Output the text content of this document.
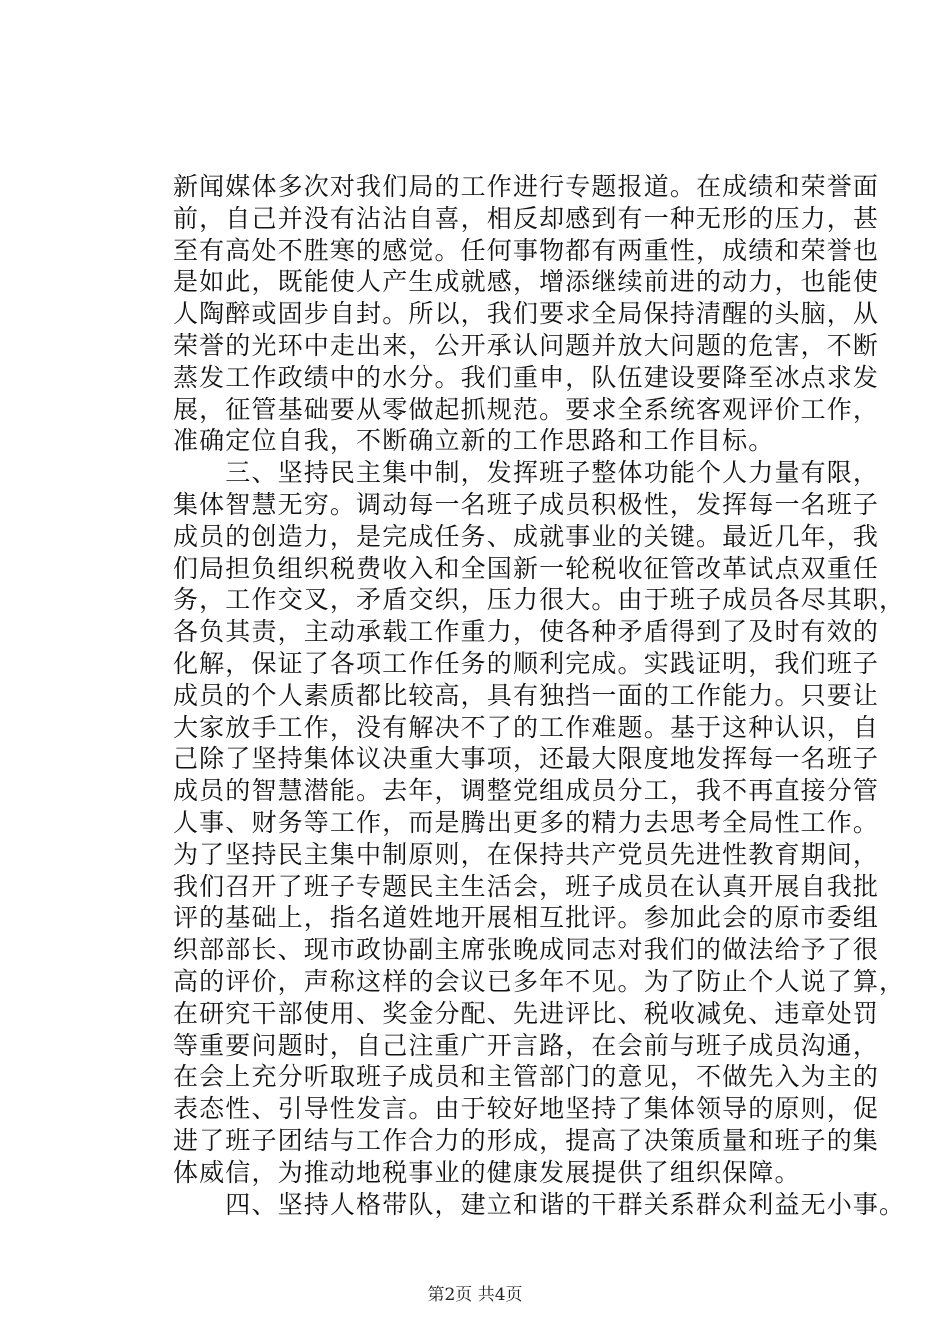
新闻媒体多次对我们局的工作进行专题报道。在成绩和荣誉面
前，自己并没有沾沾自喜，相反却感到有一种无形的压力，甚
至有高处不胜寒的感觉。任何事物都有两重性，成绩和荣誉也
是如此，既能使人产生成就感，增添继续前进的动力，也能使
人陶醉或固步自封。所以，我们要求全局保持清醒的头脑，从
荣誉的光环中走出来，公开承认问题并放大问题的危害，不断
蒸发工作政绩中的水分。我们重申，队伍建设要降至冰点求发
展，征管基础要从零做起抓规范。要求全系统客观评价工作，
准确定位自我，不断确立新的工作思路和工作目标。
　　三、坚持民主集中制，发挥班子整体功能个人力量有限，
集体智慧无穷。调动每一名班子成员积极性，发挥每一名班子
成员的创造力，是完成任务、成就事业的关键。最近几年，我
们局担负组织税费收入和全国新一轮税收征管改革试点双重任
务，工作交叉，矛盾交织，压力很大。由于班子成员各尽其职，
各负其责，主动承载工作重力，使各种矛盾得到了及时有效的
化解，保证了各项工作任务的顺利完成。实践证明，我们班子
成员的个人素质都比较高，具有独挡一面的工作能力。只要让
大家放手工作，没有解决不了的工作难题。基于这种认识，自
己除了坚持集体议决重大事项，还最大限度地发挥每一名班子
成员的智慧潜能。去年，调整党组成员分工，我不再直接分管
人事、财务等工作，而是腾出更多的精力去思考全局性工作。
为了坚持民主集中制原则，在保持共产党员先进性教育期间，
我们召开了班子专题民主生活会，班子成员在认真开展自我批
评的基础上，指名道姓地开展相互批评。参加此会的原市委组
织部部长、现市政协副主席张晚成同志对我们的做法给予了很
高的评价，声称这样的会议已多年不见。为了防止个人说了算，
在研究干部使用、奖金分配、先进评比、税收减免、违章处罚
等重要问题时，自己注重广开言路，在会前与班子成员沟通，
在会上充分听取班子成员和主管部门的意见，不做先入为主的
表态性、引导性发言。由于较好地坚持了集体领导的原则，促
进了班子团结与工作合力的形成，提高了决策质量和班子的集
体威信，为推动地税事业的健康发展提供了组织保障。
　　四、坚持人格带队，建立和谐的干群关系群众利益无小事。
第2页 共4页
